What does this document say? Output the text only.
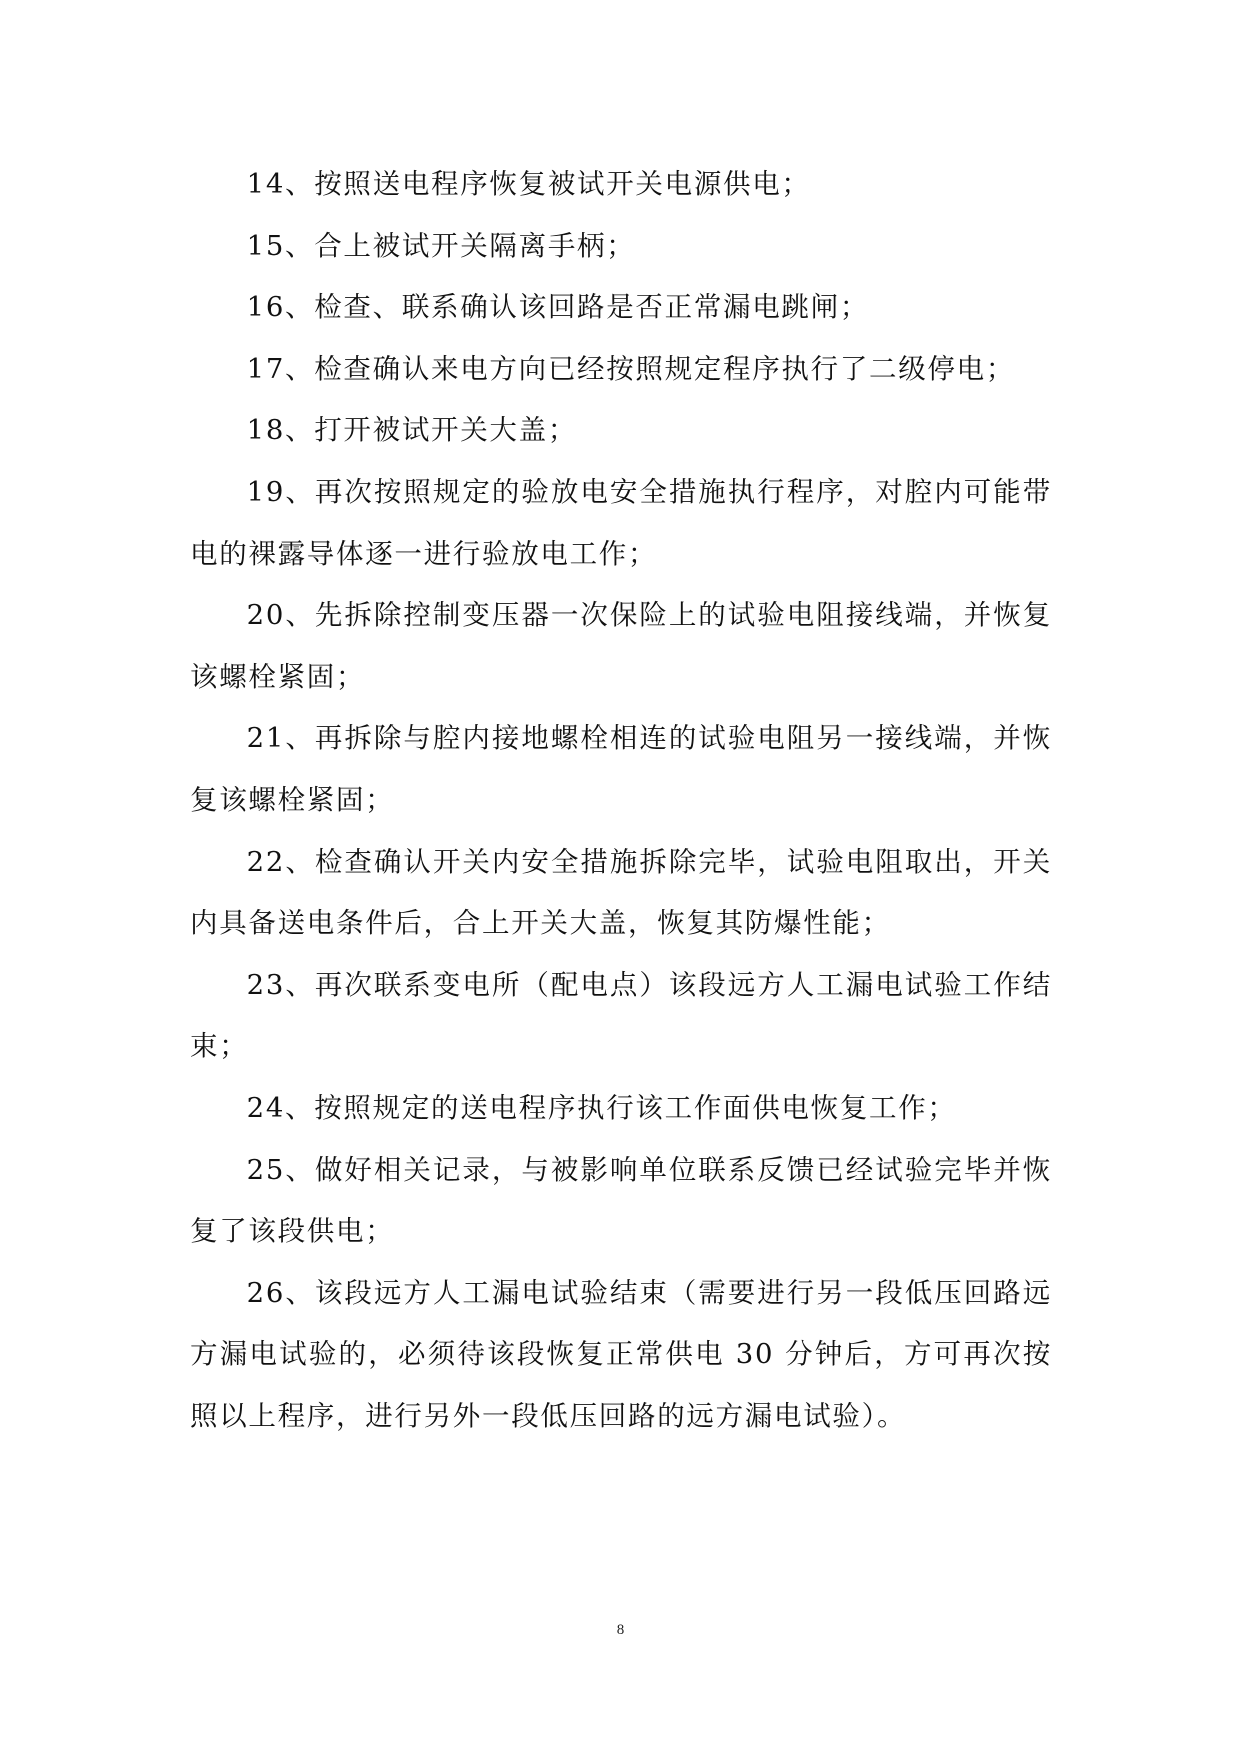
14、按照送电程序恢复被试开关电源供电；

15、合上被试开关隔离手柄；

16、检查、联系确认该回路是否正常漏电跳闸；

17、检查确认来电方向已经按照规定程序执行了二级停电；

18、打开被试开关大盖；

19、再次按照规定的验放电安全措施执行程序，对腔内可能带电的裸露导体逐一进行验放电工作；

20、先拆除控制变压器一次保险上的试验电阻接线端，并恢复该螺栓紧固；

21、再拆除与腔内接地螺栓相连的试验电阻另一接线端，并恢复该螺栓紧固；

22、检查确认开关内安全措施拆除完毕，试验电阻取出，开关内具备送电条件后，合上开关大盖，恢复其防爆性能；

23、再次联系变电所（配电点）该段远方人工漏电试验工作结束；

24、按照规定的送电程序执行该工作面供电恢复工作；

25、做好相关记录，与被影响单位联系反馈已经试验完毕并恢复了该段供电；

26、该段远方人工漏电试验结束（需要进行另一段低压回路远方漏电试验的，必须待该段恢复正常供电 30 分钟后，方可再次按照以上程序，进行另外一段低压回路的远方漏电试验）。

8
